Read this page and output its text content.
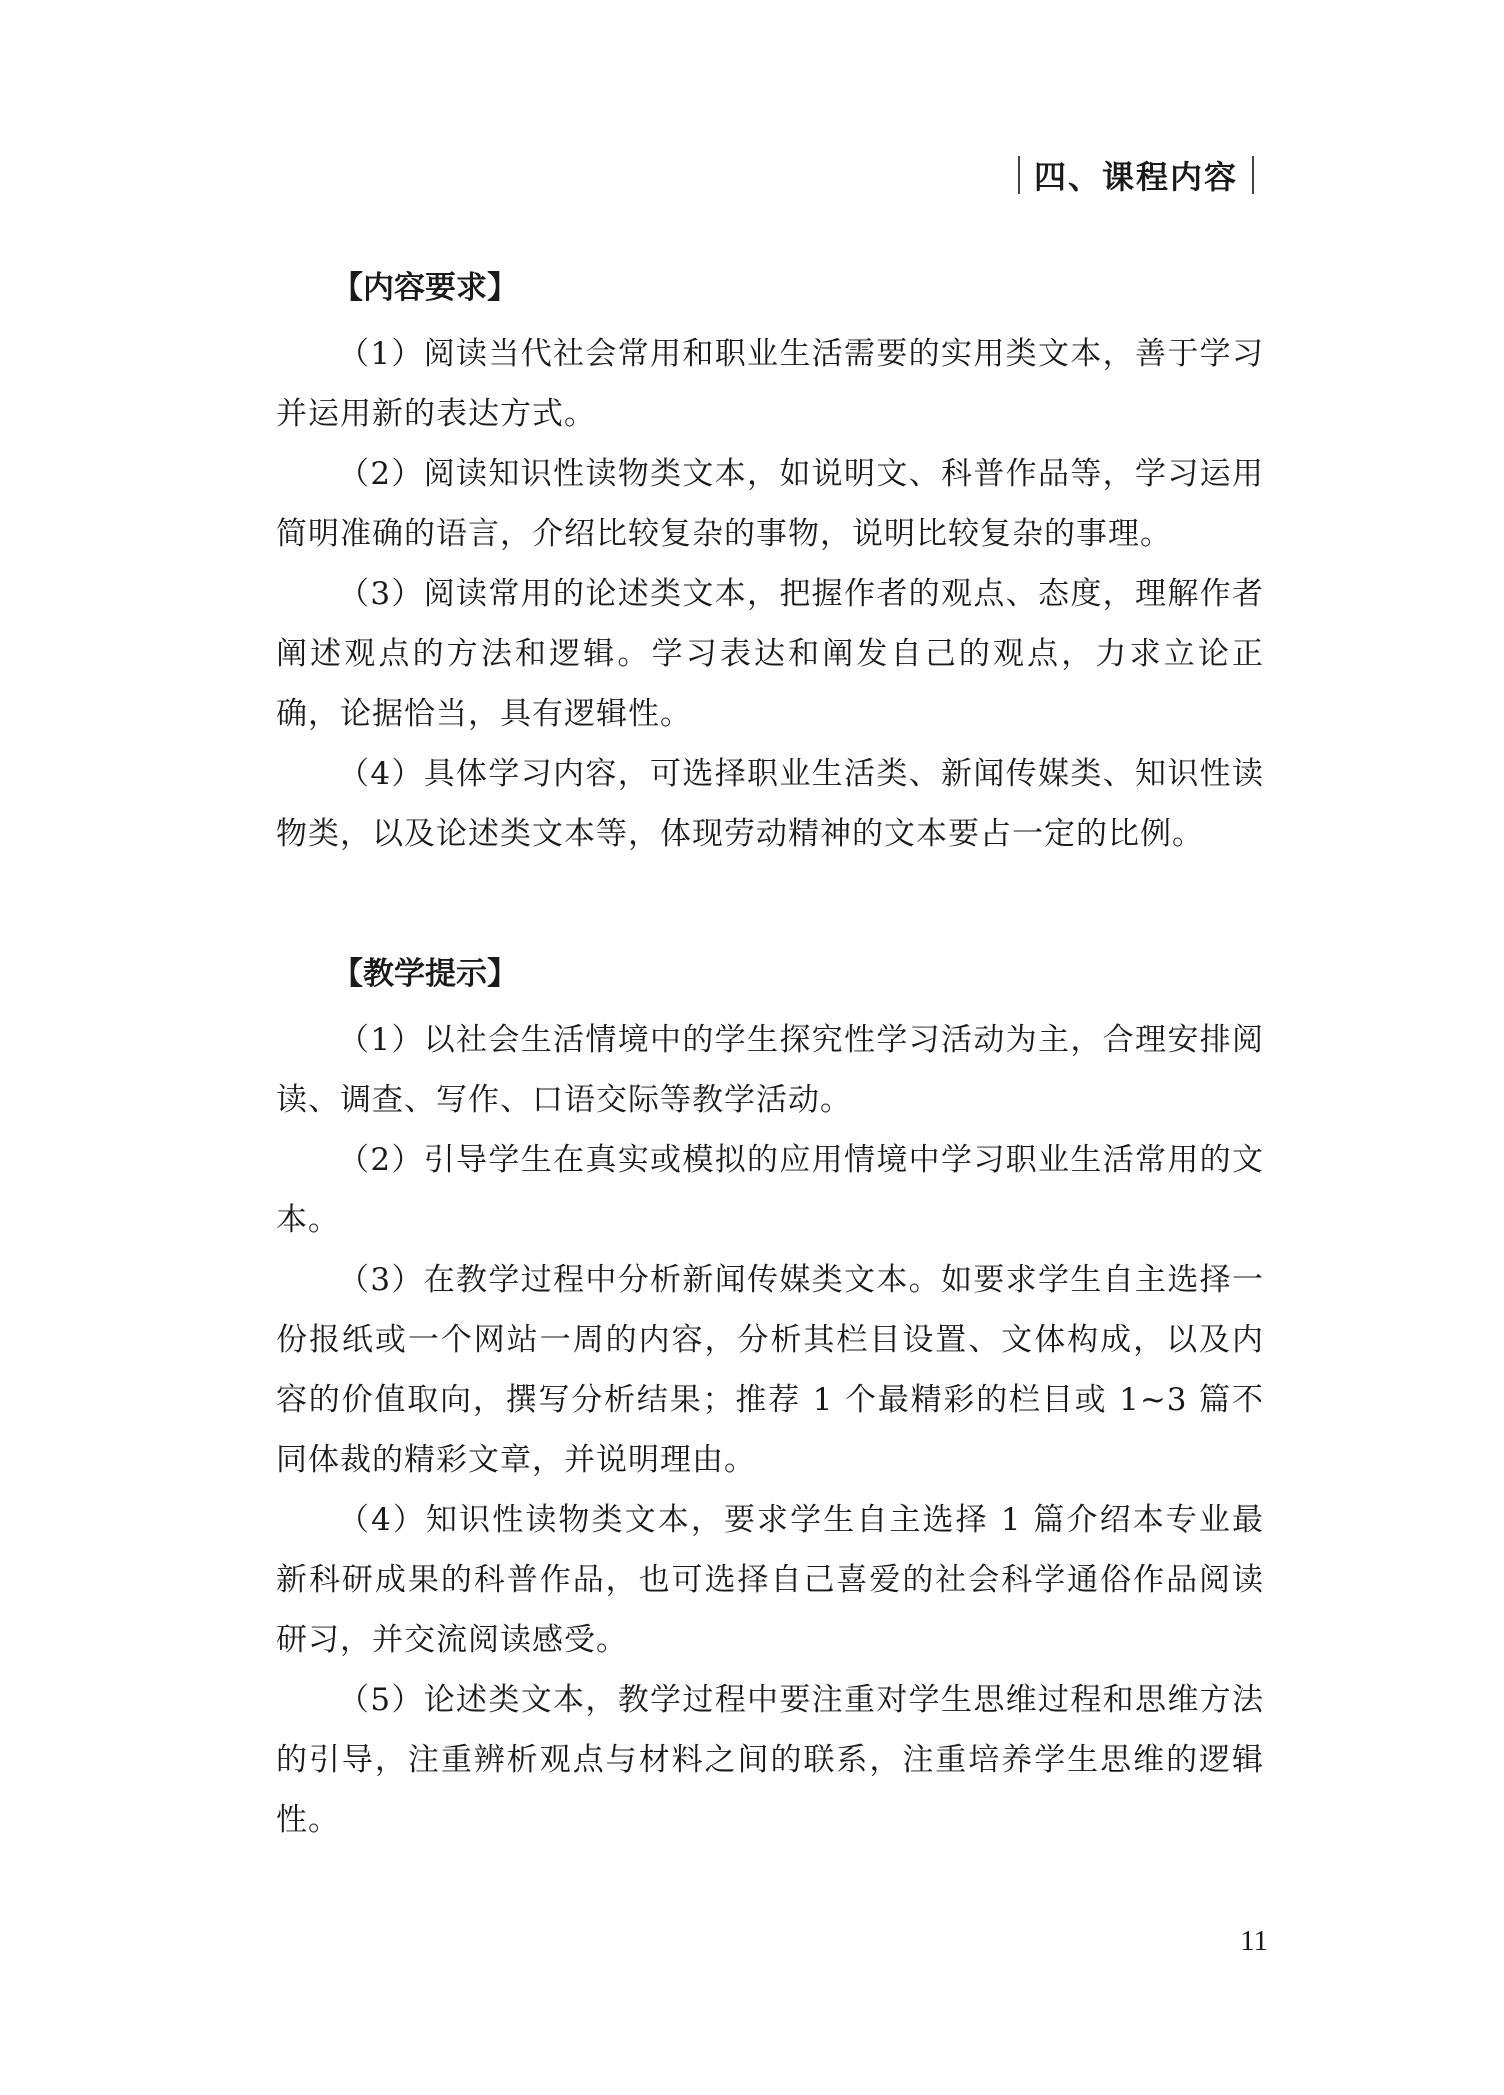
四、课程内容
【内容要求】

（1）阅读当代社会常用和职业生活需要的实用类文本，善于学习并运用新的表达方式。

（2）阅读知识性读物类文本，如说明文、科普作品等，学习运用简明准确的语言，介绍比较复杂的事物，说明比较复杂的事理。

（3）阅读常用的论述类文本，把握作者的观点、态度，理解作者阐述观点的方法和逻辑。学习表达和阐发自己的观点，力求立论正确，论据恰当，具有逻辑性。

（4）具体学习内容，可选择职业生活类、新闻传媒类、知识性读物类，以及论述类文本等，体现劳动精神的文本要占一定的比例。

【教学提示】

（1）以社会生活情境中的学生探究性学习活动为主，合理安排阅读、调查、写作、口语交际等教学活动。

（2）引导学生在真实或模拟的应用情境中学习职业生活常用的文本。

（3）在教学过程中分析新闻传媒类文本。如要求学生自主选择一份报纸或一个网站一周的内容，分析其栏目设置、文体构成，以及内容的价值取向，撰写分析结果；推荐 1 个最精彩的栏目或 1~3 篇不同体裁的精彩文章，并说明理由。

（4）知识性读物类文本，要求学生自主选择 1 篇介绍本专业最新科研成果的科普作品，也可选择自己喜爱的社会科学通俗作品阅读研习，并交流阅读感受。

（5）论述类文本，教学过程中要注重对学生思维过程和思维方法的引导，注重辨析观点与材料之间的联系，注重培养学生思维的逻辑性。

11
